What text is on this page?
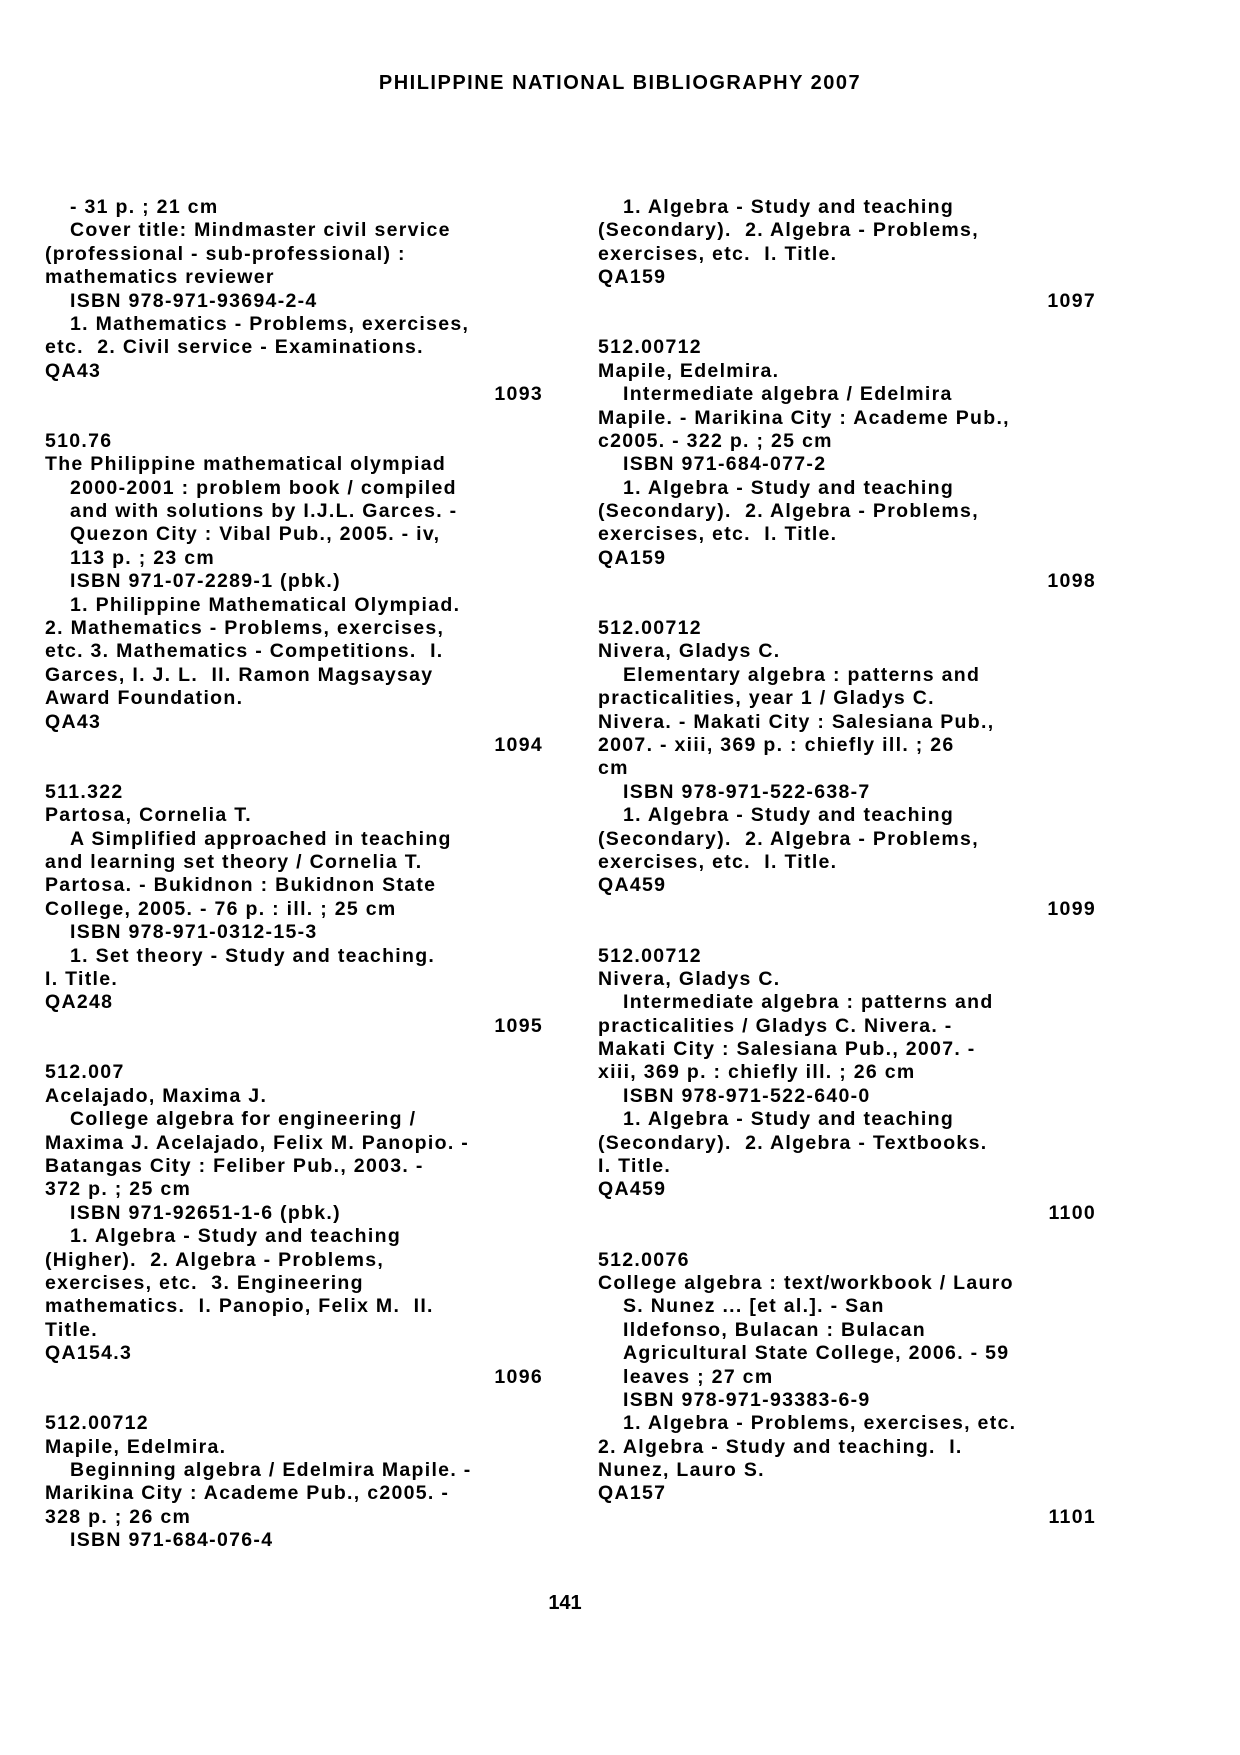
PHILIPPINE NATIONAL BIBLIOGRAPHY 2007
- 31 p. ; 21 cm
Cover title: Mindmaster civil service
(professional - sub-professional) :
mathematics reviewer
ISBN 978-971-93694-2-4
1. Mathematics - Problems, exercises,
etc.  2. Civil service - Examinations.
QA43
1093
510.76
The Philippine mathematical olympiad
2000-2001 : problem book / compiled
and with solutions by I.J.L. Garces. -
Quezon City : Vibal Pub., 2005. - iv,
113 p. ; 23 cm
ISBN 971-07-2289-1 (pbk.)
1. Philippine Mathematical Olympiad.
2. Mathematics - Problems, exercises,
etc. 3. Mathematics - Competitions.  I.
Garces, I. J. L.  II. Ramon Magsaysay
Award Foundation.
QA43
1094
511.322
Partosa, Cornelia T.
A Simplified approached in teaching
and learning set theory / Cornelia T.
Partosa. - Bukidnon : Bukidnon State
College, 2005. - 76 p. : ill. ; 25 cm
ISBN 978-971-0312-15-3
1. Set theory - Study and teaching.
I. Title.
QA248
1095
512.007
Acelajado, Maxima J.
College algebra for engineering /
Maxima J. Acelajado, Felix M. Panopio. -
Batangas City : Feliber Pub., 2003. -
372 p. ; 25 cm
ISBN 971-92651-1-6 (pbk.)
1. Algebra - Study and teaching
(Higher).  2. Algebra - Problems,
exercises, etc.  3. Engineering
mathematics.  I. Panopio, Felix M.  II.
Title.
QA154.3
1096
512.00712
Mapile, Edelmira.
Beginning algebra / Edelmira Mapile. -
Marikina City : Academe Pub., c2005. -
328 p. ; 26 cm
ISBN 971-684-076-4
1. Algebra - Study and teaching
(Secondary).  2. Algebra - Problems,
exercises, etc.  I. Title.
QA159
1097
512.00712
Mapile, Edelmira.
Intermediate algebra / Edelmira
Mapile. - Marikina City : Academe Pub.,
c2005. - 322 p. ; 25 cm
ISBN 971-684-077-2
1. Algebra - Study and teaching
(Secondary).  2. Algebra - Problems,
exercises, etc.  I. Title.
QA159
1098
512.00712
Nivera, Gladys C.
Elementary algebra : patterns and
practicalities, year 1 / Gladys C.
Nivera. - Makati City : Salesiana Pub.,
2007. - xiii, 369 p. : chiefly ill. ; 26
cm
ISBN 978-971-522-638-7
1. Algebra - Study and teaching
(Secondary).  2. Algebra - Problems,
exercises, etc.  I. Title.
QA459
1099
512.00712
Nivera, Gladys C.
Intermediate algebra : patterns and
practicalities / Gladys C. Nivera. -
Makati City : Salesiana Pub., 2007. -
xiii, 369 p. : chiefly ill. ; 26 cm
ISBN 978-971-522-640-0
1. Algebra - Study and teaching
(Secondary).  2. Algebra - Textbooks.
I. Title.
QA459
1100
512.0076
College algebra : text/workbook / Lauro
S. Nunez ... [et al.]. - San
Ildefonso, Bulacan : Bulacan
Agricultural State College, 2006. - 59
leaves ; 27 cm
ISBN 978-971-93383-6-9
1. Algebra - Problems, exercises, etc.
2. Algebra - Study and teaching.  I.
Nunez, Lauro S.
QA157
1101
141
